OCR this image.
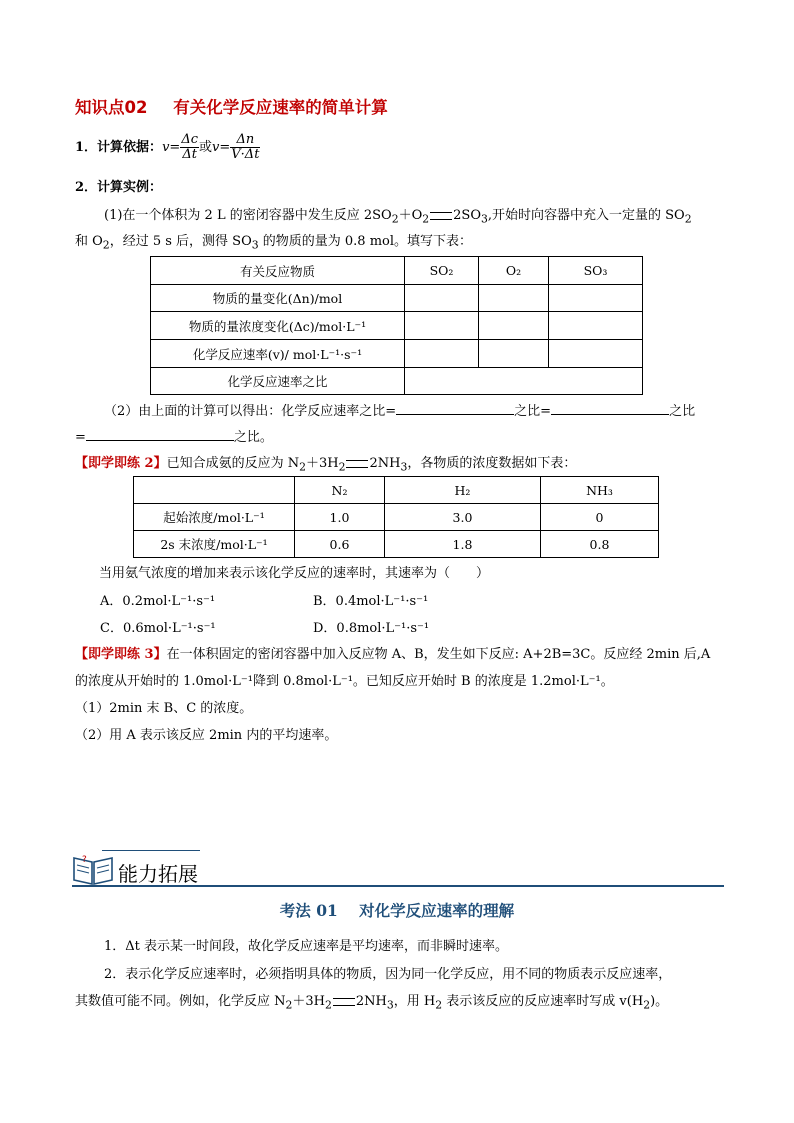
知识点02 有关化学反应速率的简单计算
1．计算依据：$v= \frac{\Delta c}{\Delta t}$ 或$v= \frac{\Delta n}{V\cdot\Delta t}$
2．计算实例：
(1)在一个体积为 2 L 的密闭容器中发生反应 $2SO_2+O_2$ $2SO_3$,开始时向容器中充入一定量的 $SO_2$
和 $O_2$，经过 5 s 后，测得 $SO_3$ 的物质的量为 0.8 mol。填写下表：
有关反应物质	SO₂	O₂	SO₃
物质的量变化(Δn)/mol			
物质的量浓度变化(Δc)/mol·L⁻¹			
化学反应速率(v)/ mol·L⁻¹·s⁻¹			
化学反应速率之比			
（2）由上面的计算可以得出：化学反应速率之比=	之比=	之比
=	之比。
【即学即练 2】已知合成氨的反应为 $N_2+3H_2$ $2NH_3$，各物质的浓度数据如下表：
	N₂	H₂	NH₃
起始浓度/mol·L⁻¹	1.0	3.0	0
2s 末浓度/mol·L⁻¹	0.6	1.8	0.8
当用氨气浓度的增加来表示该化学反应的速率时，其速率为（　　）
A．0.2mol·L⁻¹·s⁻¹	B．0.4mol·L⁻¹·s⁻¹
C．0.6mol·L⁻¹·s⁻¹	D．0.8mol·L⁻¹·s⁻¹
【即学即练 3】在一体积固定的密闭容器中加入反应物 A、B，发生如下反应: A+2B=3C。反应经 2min 后,A
的浓度从开始时的 1.0mol·L⁻¹降到 0.8mol·L⁻¹。已知反应开始时 B 的浓度是 1.2mol·L⁻¹。
（1）2min 末 B、C 的浓度。
（2）用 A 表示该反应 2min 内的平均速率。
?
能力拓展
考法 01 对化学反应速率的理解
1．Δt 表示某一时间段，故化学反应速率是平均速率，而非瞬时速率。
2．表示化学反应速率时，必须指明具体的物质，因为同一化学反应，用不同的物质表示反应速率，
其数值可能不同。例如，化学反应 $N_2+3H_2$ $2NH_3$，用 $H_2$ 表示该反应的反应速率时写成 $v(H_2)$。
